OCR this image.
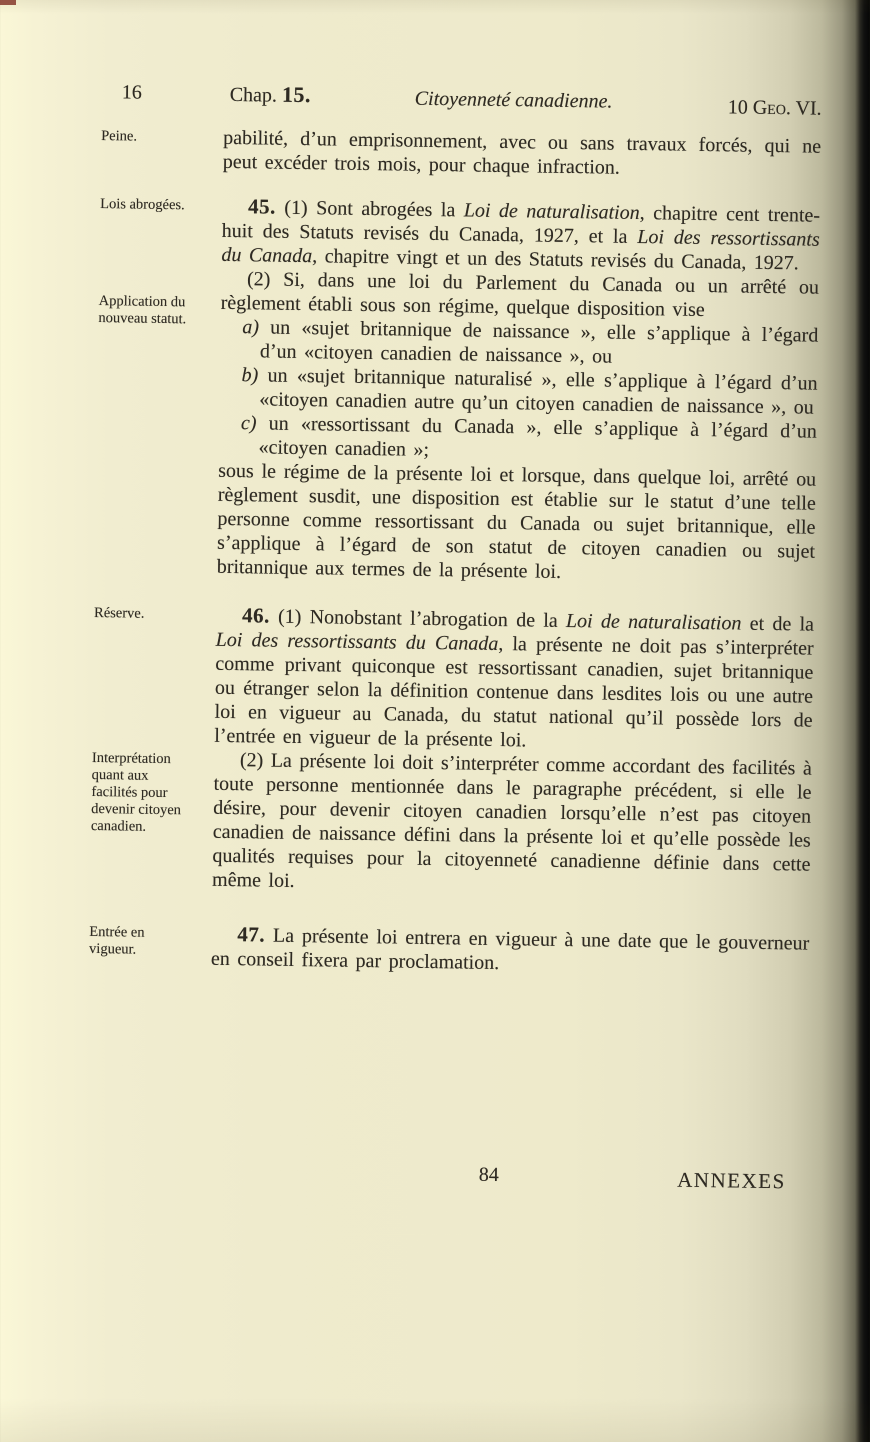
16	Chap. 15.	Citoyenneté canadienne.	10 Geo. VI.
Peine.	pabilité, d’un emprisonnement, avec ou sans travaux forcés, qui ne peut excéder trois mois, pour chaque infraction.

Lois abrogées.
Application du nouveau statut.

45. (1) Sont abrogées la Loi de naturalisation, chapitre cent trente-huit des Statuts revisés du Canada, 1927, et la Loi des ressortissants du Canada, chapitre vingt et un des Statuts revisés du Canada, 1927.

(2) Si, dans une loi du Parlement du Canada ou un arrêté ou règlement établi sous son régime, quelque disposition vise

a) un «sujet britannique de naissance », elle s’applique à l’égard d’un «citoyen canadien de naissance », ou

b) un «sujet britannique naturalisé », elle s’applique à l’égard d’un «citoyen canadien autre qu’un citoyen canadien de naissance », ou

c) un «ressortissant du Canada », elle s’applique à l’égard d’un «citoyen canadien »;

sous le régime de la présente loi et lorsque, dans quelque loi, arrêté ou règlement susdit, une disposition est établie sur le statut d’une telle personne comme ressortissant du Canada ou sujet britannique, elle s’applique à l’égard de son statut de citoyen canadien ou sujet britannique aux termes de la présente loi.

Réserve.	46. (1) Nonobstant l’abrogation de la Loi de naturalisation et de la Loi des ressortissants du Canada, la présente ne doit pas s’interpréter comme privant quiconque est ressortissant canadien, sujet britannique ou étranger selon la définition contenue dans lesdites lois ou une autre loi en vigueur au Canada, du statut national qu’il possède lors de l’entrée en vigueur de la présente loi.

Interprétation quant aux facilités pour devenir citoyen canadien.

(2) La présente loi doit s’interpréter comme accordant des facilités à toute personne mentionnée dans le paragraphe précédent, si elle le désire, pour devenir citoyen canadien lorsqu’elle n’est pas citoyen canadien de naissance défini dans la présente loi et qu’elle possède les qualités requises pour la citoyenneté canadienne définie dans cette même loi.

Entrée en vigueur.

47. La présente loi entrera en vigueur à une date que le gouverneur en conseil fixera par proclamation.

84	ANNEXES
